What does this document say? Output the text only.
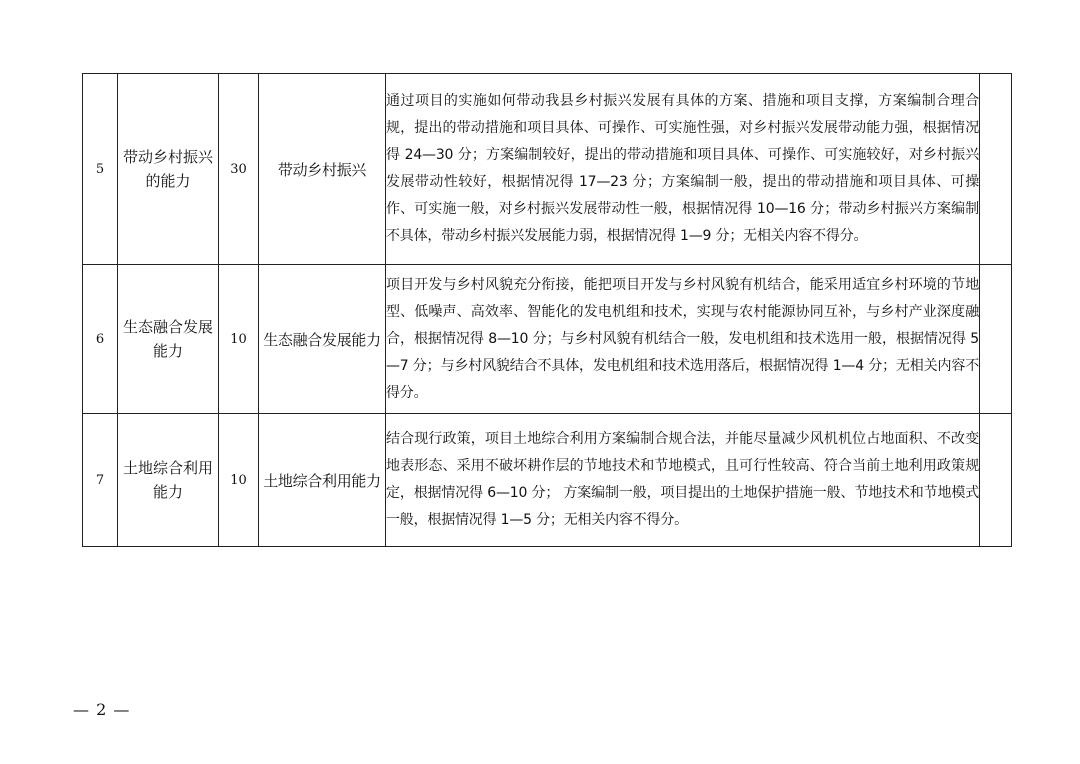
5	带动乡村振兴的能力	30	带动乡村振兴	通过项目的实施如何带动我县乡村振兴发展有具体的方案、措施和项目支撑，方案编制合理合规，提出的带动措施和项目具体、可操作、可实施性强，对乡村振兴发展带动能力强，根据情况得 24—30 分；方案编制较好，提出的带动措施和项目具体、可操作、可实施较好，对乡村振兴发展带动性较好，根据情况得 17—23 分；方案编制一般，提出的带动措施和项目具体、可操作、可实施一般，对乡村振兴发展带动性一般，根据情况得 10—16 分；带动乡村振兴方案编制不具体，带动乡村振兴发展能力弱，根据情况得 1—9 分；无相关内容不得分。	
6	生态融合发展能力	10	生态融合发展能力	项目开发与乡村风貌充分衔接，能把项目开发与乡村风貌有机结合，能采用适宜乡村环境的节地型、低噪声、高效率、智能化的发电机组和技术，实现与农村能源协同互补，与乡村产业深度融合，根据情况得 8—10 分；与乡村风貌有机结合一般，发电机组和技术选用一般，根据情况得 5—7 分；与乡村风貌结合不具体，发电机组和技术选用落后，根据情况得 1—4 分；无相关内容不得分。	
7	土地综合利用能力	10	土地综合利用能力	结合现行政策，项目土地综合利用方案编制合规合法，并能尽量减少风机机位占地面积、不改变地表形态、采用不破坏耕作层的节地技术和节地模式，且可行性较高、符合当前土地利用政策规定，根据情况得 6—10 分； 方案编制一般，项目提出的土地保护措施一般、节地技术和节地模式一般，根据情况得 1—5 分；无相关内容不得分。	
— 2 —
